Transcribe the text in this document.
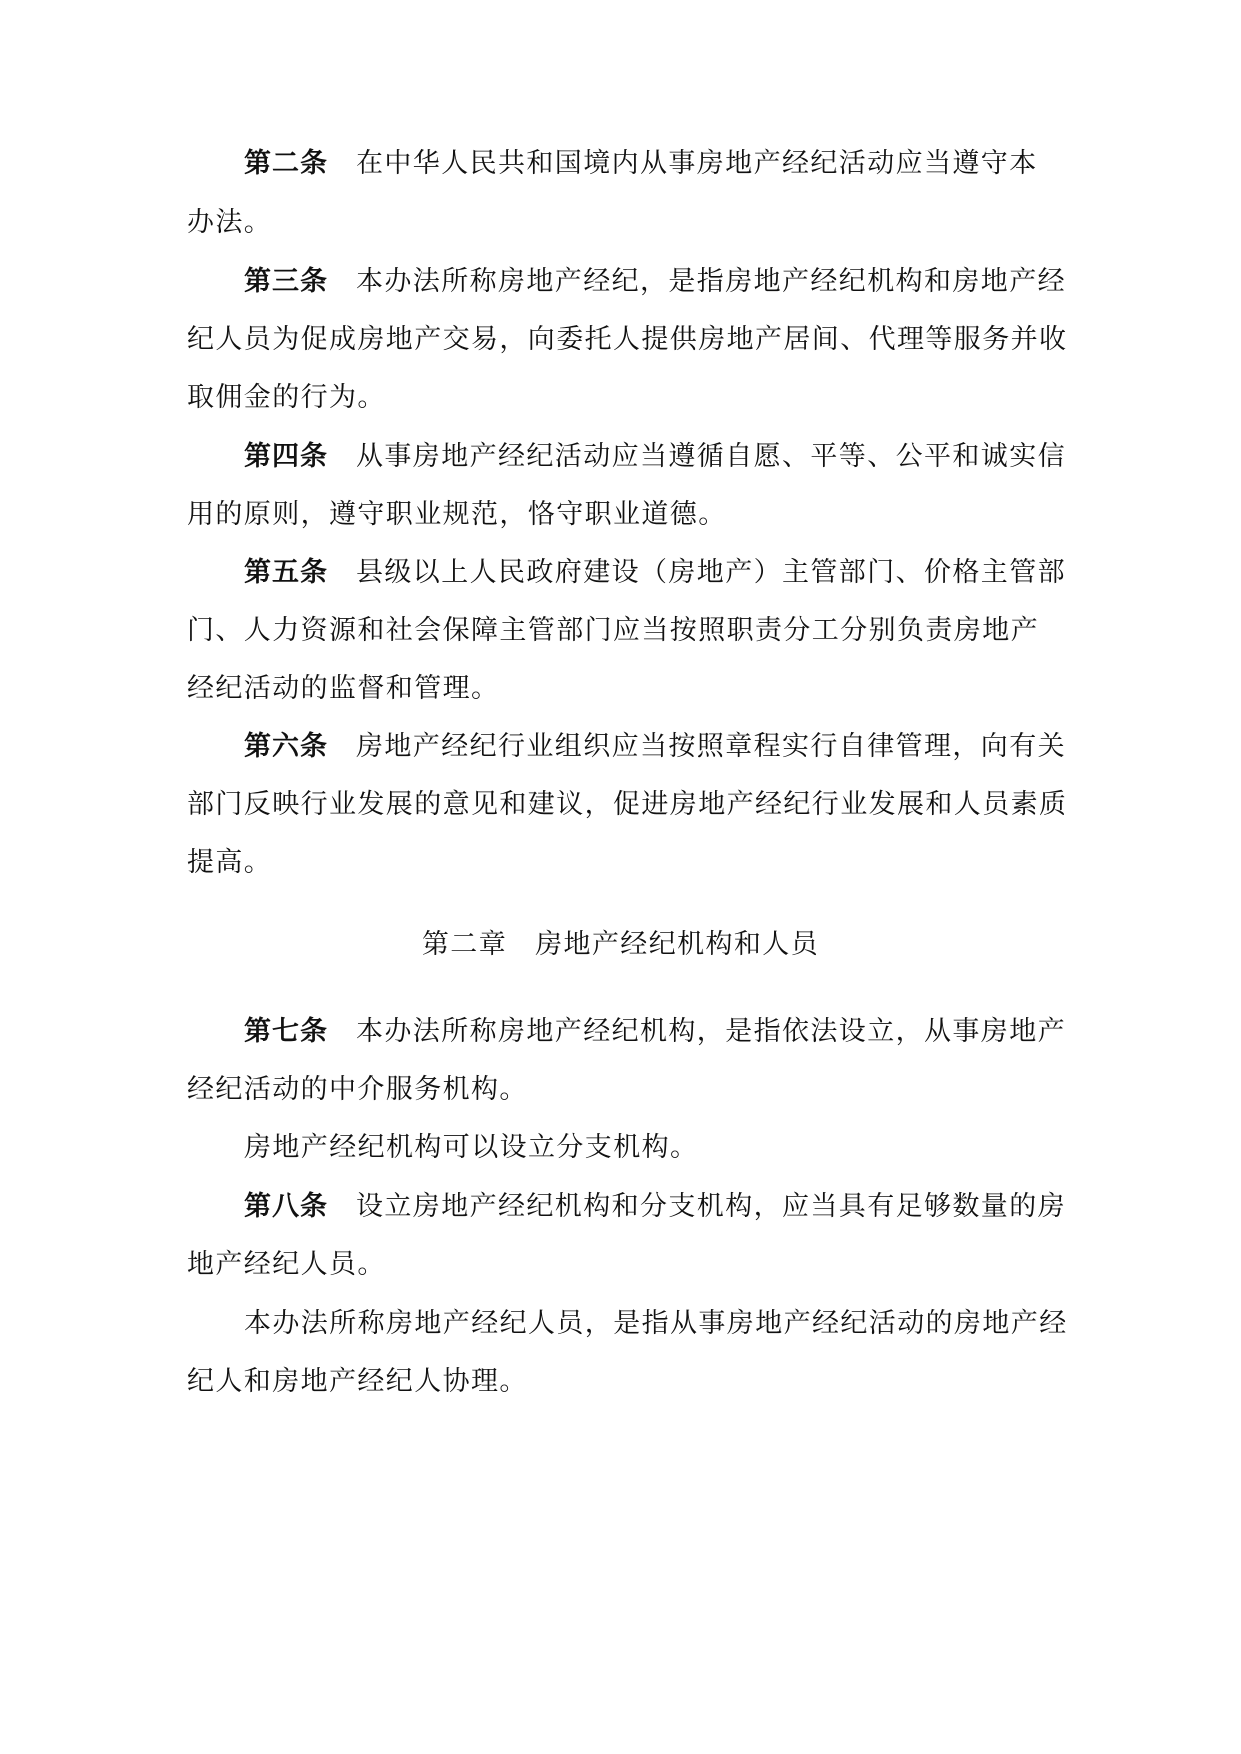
第二条 在中华人民共和国境内从事房地产经纪活动应当遵守本
办法。
第三条 本办法所称房地产经纪，是指房地产经纪机构和房地产经
纪人员为促成房地产交易，向委托人提供房地产居间、代理等服务并收
取佣金的行为。
第四条 从事房地产经纪活动应当遵循自愿、平等、公平和诚实信
用的原则，遵守职业规范，恪守职业道德。
第五条 县级以上人民政府建设（房地产）主管部门、价格主管部
门、人力资源和社会保障主管部门应当按照职责分工分别负责房地产
经纪活动的监督和管理。
第六条 房地产经纪行业组织应当按照章程实行自律管理，向有关
部门反映行业发展的意见和建议，促进房地产经纪行业发展和人员素质
提高。
第二章 房地产经纪机构和人员
第七条 本办法所称房地产经纪机构，是指依法设立，从事房地产
经纪活动的中介服务机构。
房地产经纪机构可以设立分支机构。
第八条 设立房地产经纪机构和分支机构，应当具有足够数量的房
地产经纪人员。
本办法所称房地产经纪人员，是指从事房地产经纪活动的房地产经
纪人和房地产经纪人协理。
